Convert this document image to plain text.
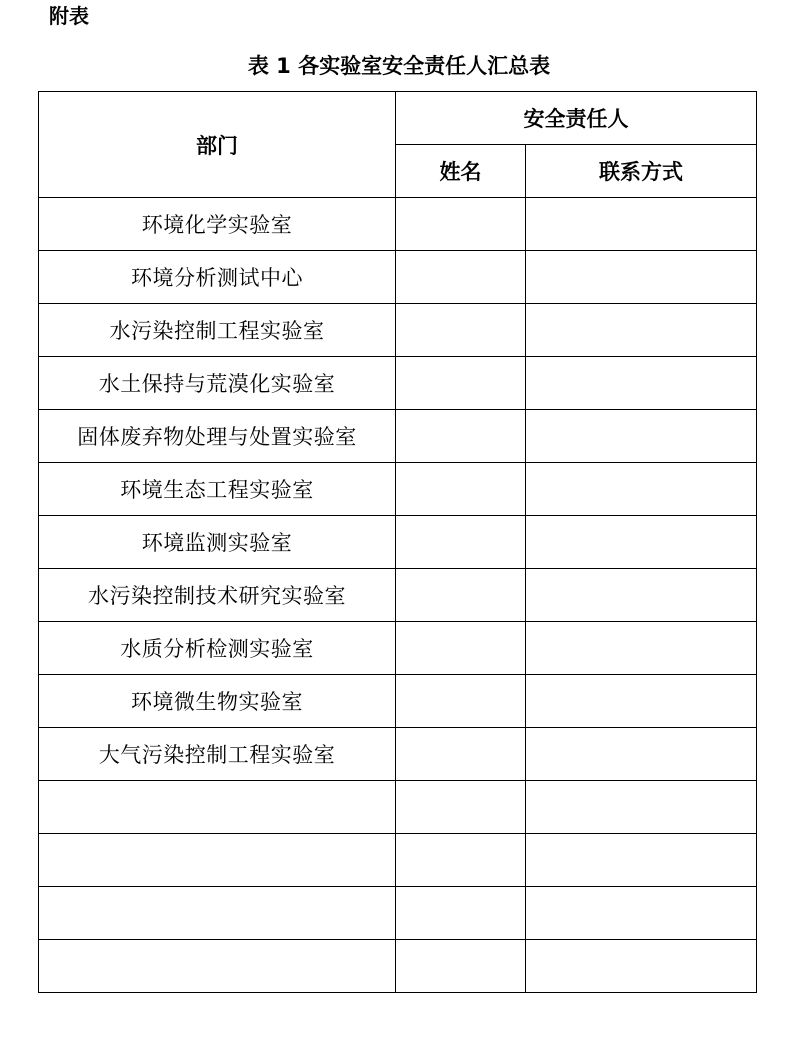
附表
表 1 各实验室安全责任人汇总表
部门	安全责任人	
	姓名	联系方式
环境化学实验室		
环境分析测试中心		
水污染控制工程实验室		
水土保持与荒漠化实验室		
固体废弃物处理与处置实验室		
环境生态工程实验室		
环境监测实验室		
水污染控制技术研究实验室		
水质分析检测实验室		
环境微生物实验室		
大气污染控制工程实验室		
